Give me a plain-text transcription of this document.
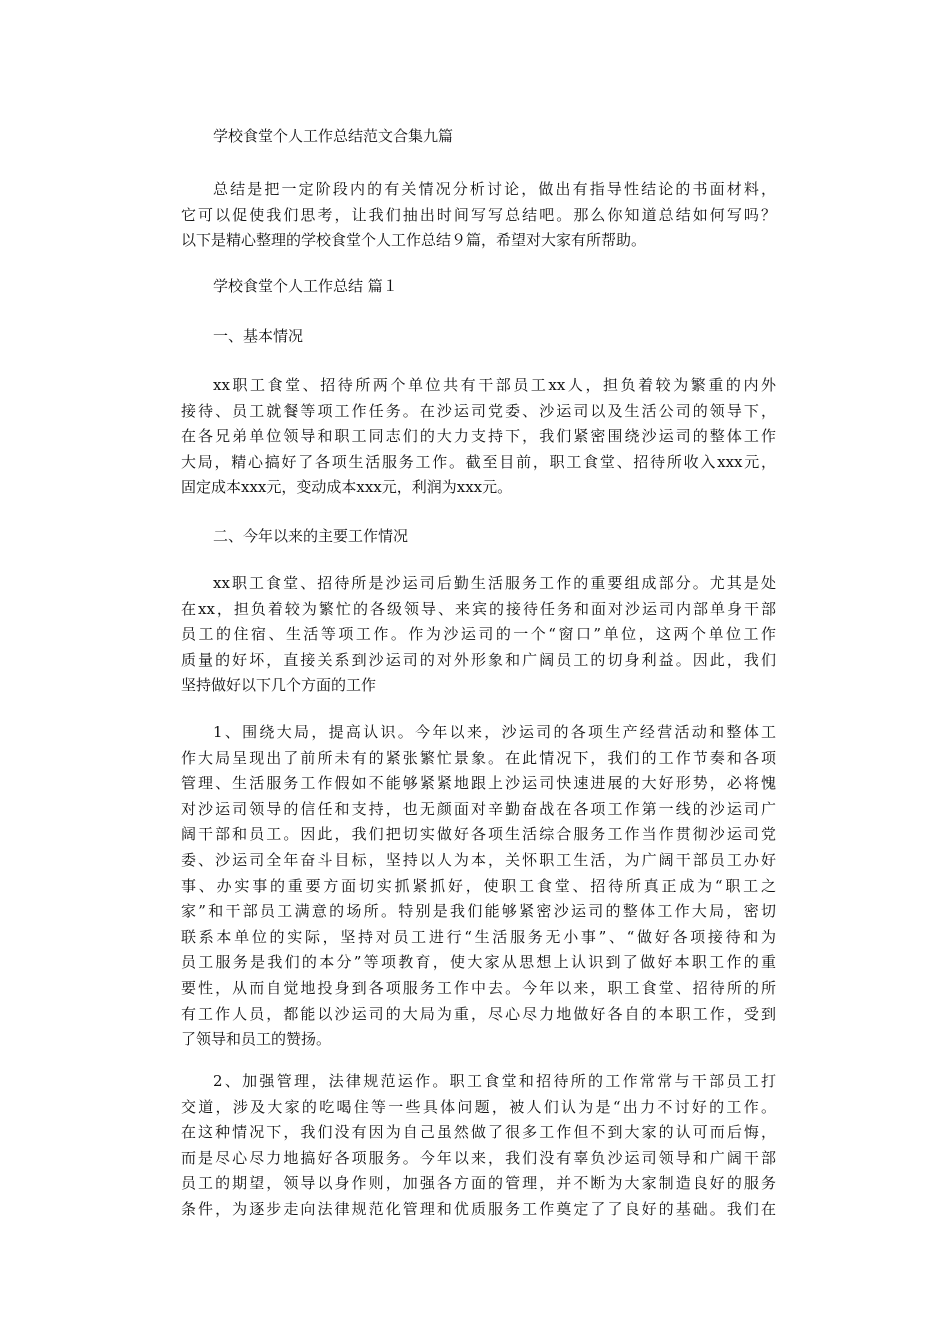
学校食堂个人工作总结范文合集九篇

总结是把一定阶段内的有关情况分析讨论，做出有指导性结论的书面材料，
它可以促使我们思考，让我们抽出时间写写总结吧。那么你知道总结如何写吗？
以下是精心整理的学校食堂个人工作总结９篇，希望对大家有所帮助。

学校食堂个人工作总结 篇１

一、基本情况

xx职工食堂、招待所两个单位共有干部员工xx人，担负着较为繁重的内外
接待、员工就餐等项工作任务。在沙运司党委、沙运司以及生活公司的领导下，
在各兄弟单位领导和职工同志们的大力支持下，我们紧密围绕沙运司的整体工作
大局，精心搞好了各项生活服务工作。截至目前，职工食堂、招待所收入xxx元，
固定成本xxx元，变动成本xxx元，利润为xxx元。

二、今年以来的主要工作情况

xx职工食堂、招待所是沙运司后勤生活服务工作的重要组成部分。尤其是处
在xx，担负着较为繁忙的各级领导、来宾的接待任务和面对沙运司内部单身干部
员工的住宿、生活等项工作。作为沙运司的一个“窗口”单位，这两个单位工作
质量的好坏，直接关系到沙运司的对外形象和广阔员工的切身利益。因此，我们
坚持做好以下几个方面的工作
1、围绕大局，提高认识。今年以来，沙运司的各项生产经营活动和整体工
作大局呈现出了前所未有的紧张繁忙景象。在此情况下，我们的工作节奏和各项
管理、生活服务工作假如不能够紧紧地跟上沙运司快速进展的大好形势，必将愧
对沙运司领导的信任和支持，也无颜面对辛勤奋战在各项工作第一线的沙运司广
阔干部和员工。因此，我们把切实做好各项生活综合服务工作当作贯彻沙运司党
委、沙运司全年奋斗目标，坚持以人为本，关怀职工生活，为广阔干部员工办好
事、办实事的重要方面切实抓紧抓好，使职工食堂、招待所真正成为“职工之
家”和干部员工满意的场所。特别是我们能够紧密沙运司的整体工作大局，密切
联系本单位的实际，坚持对员工进行“生活服务无小事”、“做好各项接待和为
员工服务是我们的本分”等项教育，使大家从思想上认识到了做好本职工作的重
要性，从而自觉地投身到各项服务工作中去。今年以来，职工食堂、招待所的所
有工作人员，都能以沙运司的大局为重，尽心尽力地做好各自的本职工作，受到
了领导和员工的赞扬。
2、加强管理，法律规范运作。职工食堂和招待所的工作常常与干部员工打
交道，涉及大家的吃喝住等一些具体问题，被人们认为是“出力不讨好的工作。
在这种情况下，我们没有因为自己虽然做了很多工作但不到大家的认可而后悔，
而是尽心尽力地搞好各项服务。今年以来，我们没有辜负沙运司领导和广阔干部
员工的期望，领导以身作则，加强各方面的管理，并不断为大家制造良好的服务
条件，为逐步走向法律规范化管理和优质服务工作奠定了了良好的基础。我们在
